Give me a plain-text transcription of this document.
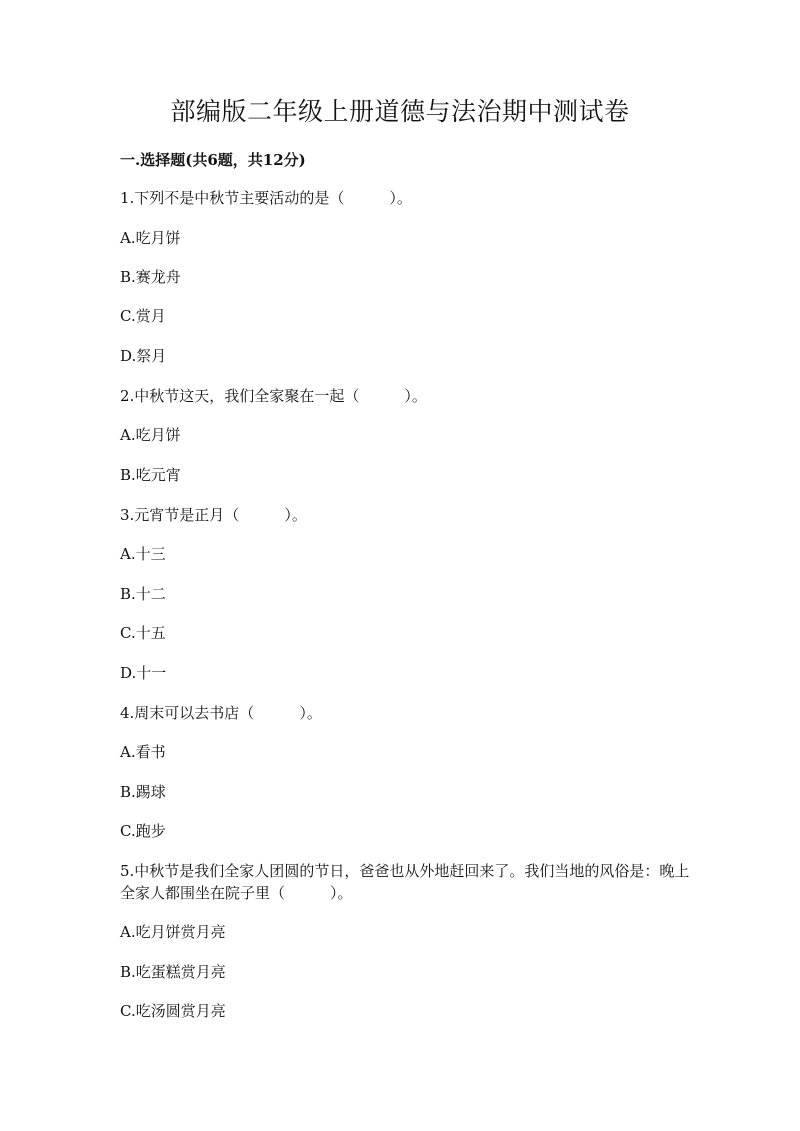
部编版二年级上册道德与法治期中测试卷
一.选择题(共6题，共12分)
1.下列不是中秋节主要活动的是（　　　）。
A.吃月饼
B.赛龙舟
C.赏月
D.祭月
2.中秋节这天，我们全家聚在一起（　　　）。
A.吃月饼
B.吃元宵
3.元宵节是正月（　　　）。
A.十三
B.十二
C.十五
D.十一
4.周末可以去书店（　　　）。
A.看书
B.踢球
C.跑步
5.中秋节是我们全家人团圆的节日，爸爸也从外地赶回来了。我们当地的风俗是：晚上全家人都围坐在院子里（　　　）。
A.吃月饼赏月亮
B.吃蛋糕赏月亮
C.吃汤圆赏月亮
